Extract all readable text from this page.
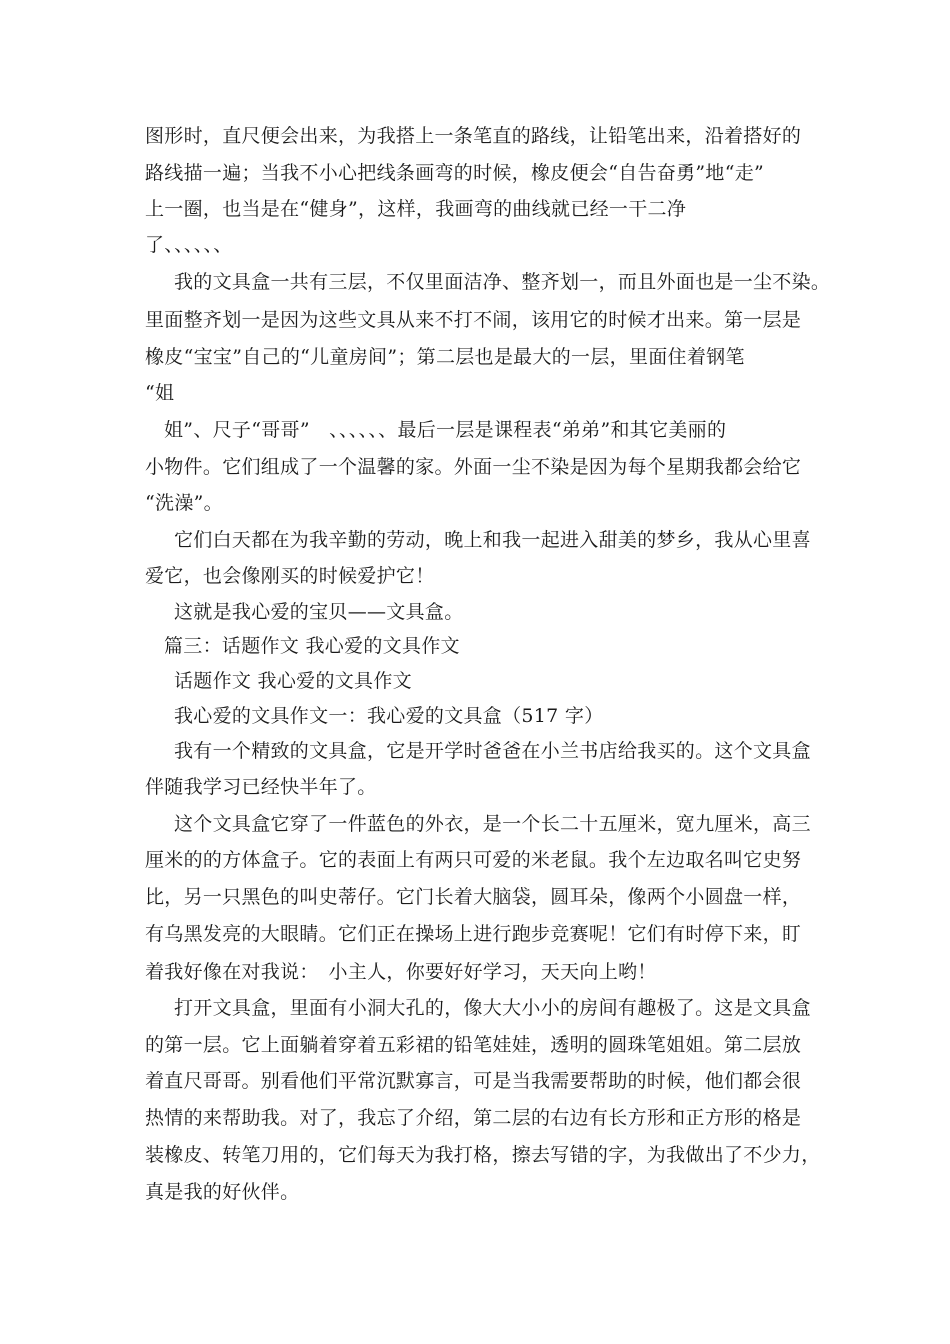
图形时，直尺便会出来，为我搭上一条笔直的路线，让铅笔出来，沿着搭好的

路线描一遍；当我不小心把线条画弯的时候，橡皮便会“自告奋勇”地“走”

上一圈，也当是在“健身”，这样，我画弯的曲线就已经一干二净

了、、、、、、

我的文具盒一共有三层，不仅里面洁净、整齐划一，而且外面也是一尘不染。

里面整齐划一是因为这些文具从来不打不闹，该用它的时候才出来。第一层是

橡皮“宝宝”自己的“儿童房间”；第二层也是最大的一层，里面住着钢笔

“姐

姐”、尺子“哥哥”　、、、、、、最后一层是课程表“弟弟”和其它美丽的

小物件。它们组成了一个温馨的家。外面一尘不染是因为每个星期我都会给它

“洗澡”。

它们白天都在为我辛勤的劳动，晚上和我一起进入甜美的梦乡，我从心里喜

爱它，也会像刚买的时候爱护它！

这就是我心爱的宝贝——文具盒。

篇三：话题作文 我心爱的文具作文

话题作文 我心爱的文具作文

我心爱的文具作文一：我心爱的文具盒（517 字）

我有一个精致的文具盒，它是开学时爸爸在小兰书店给我买的。这个文具盒

伴随我学习已经快半年了。

这个文具盒它穿了一件蓝色的外衣，是一个长二十五厘米，宽九厘米，高三

厘米的的方体盒子。它的表面上有两只可爱的米老鼠。我个左边取名叫它史努

比，另一只黑色的叫史蒂仔。它门长着大脑袋，圆耳朵，像两个小圆盘一样，

有乌黑发亮的大眼睛。它们正在操场上进行跑步竞赛呢！它们有时停下来，盯

着我好像在对我说：　小主人，你要好好学习，天天向上哟！

打开文具盒，里面有小洞大孔的，像大大小小的房间有趣极了。这是文具盒

的第一层。它上面躺着穿着五彩裙的铅笔娃娃，透明的圆珠笔姐姐。第二层放

着直尺哥哥。别看他们平常沉默寡言，可是当我需要帮助的时候，他们都会很

热情的来帮助我。对了，我忘了介绍，第二层的右边有长方形和正方形的格是

装橡皮、转笔刀用的，它们每天为我打格，擦去写错的字，为我做出了不少力，

真是我的好伙伴。
